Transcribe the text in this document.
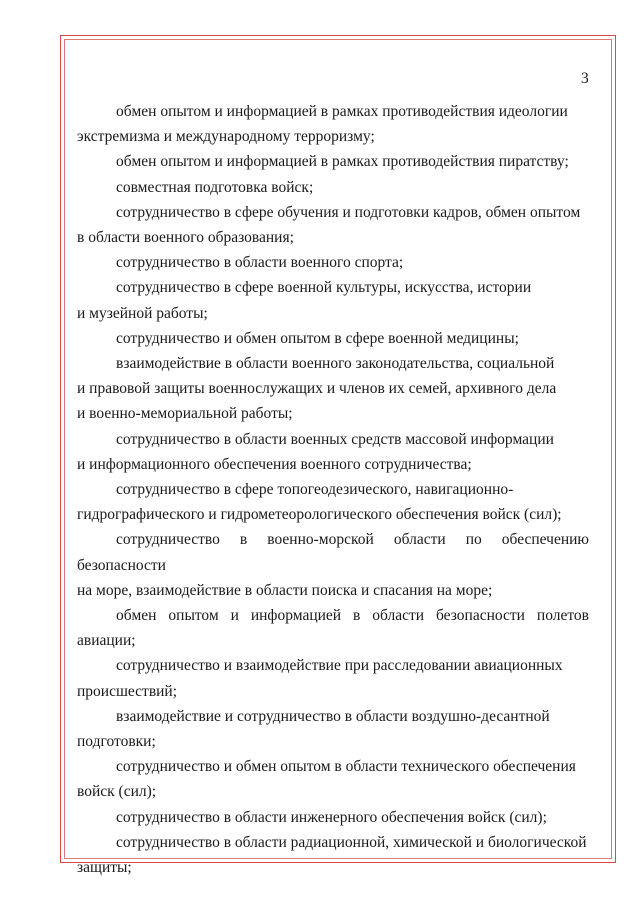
3

обмен опытом и информацией в рамках противодействия идеологии
экстремизма и международному терроризму;

обмен опытом и информацией в рамках противодействия пиратству;

совместная подготовка войск;

сотрудничество в сфере обучения и подготовки кадров, обмен опытом
в области военного образования;

сотрудничество в области военного спорта;

сотрудничество в сфере военной культуры, искусства, истории
и музейной работы;

сотрудничество и обмен опытом в сфере военной медицины;

взаимодействие в области военного законодательства, социальной
и правовой защиты военнослужащих и членов их семей, архивного дела
и военно-мемориальной работы;

сотрудничество в области военных средств массовой информации
и информационного обеспечения военного сотрудничества;

сотрудничество в сфере топогеодезического, навигационно-
гидрографического и гидрометеорологического обеспечения войск (сил);

сотрудничество в военно-морской области по обеспечению безопасности
на море, взаимодействие в области поиска и спасания на море;

обмен опытом и информацией в области безопасности полетов авиации;

сотрудничество и взаимодействие при расследовании авиационных
происшествий;

взаимодействие и сотрудничество в области воздушно-десантной
подготовки;

сотрудничество и обмен опытом в области технического обеспечения
войск (сил);

сотрудничество в области инженерного обеспечения войск (сил);

сотрудничество в области радиационной, химической и биологической
защиты;
